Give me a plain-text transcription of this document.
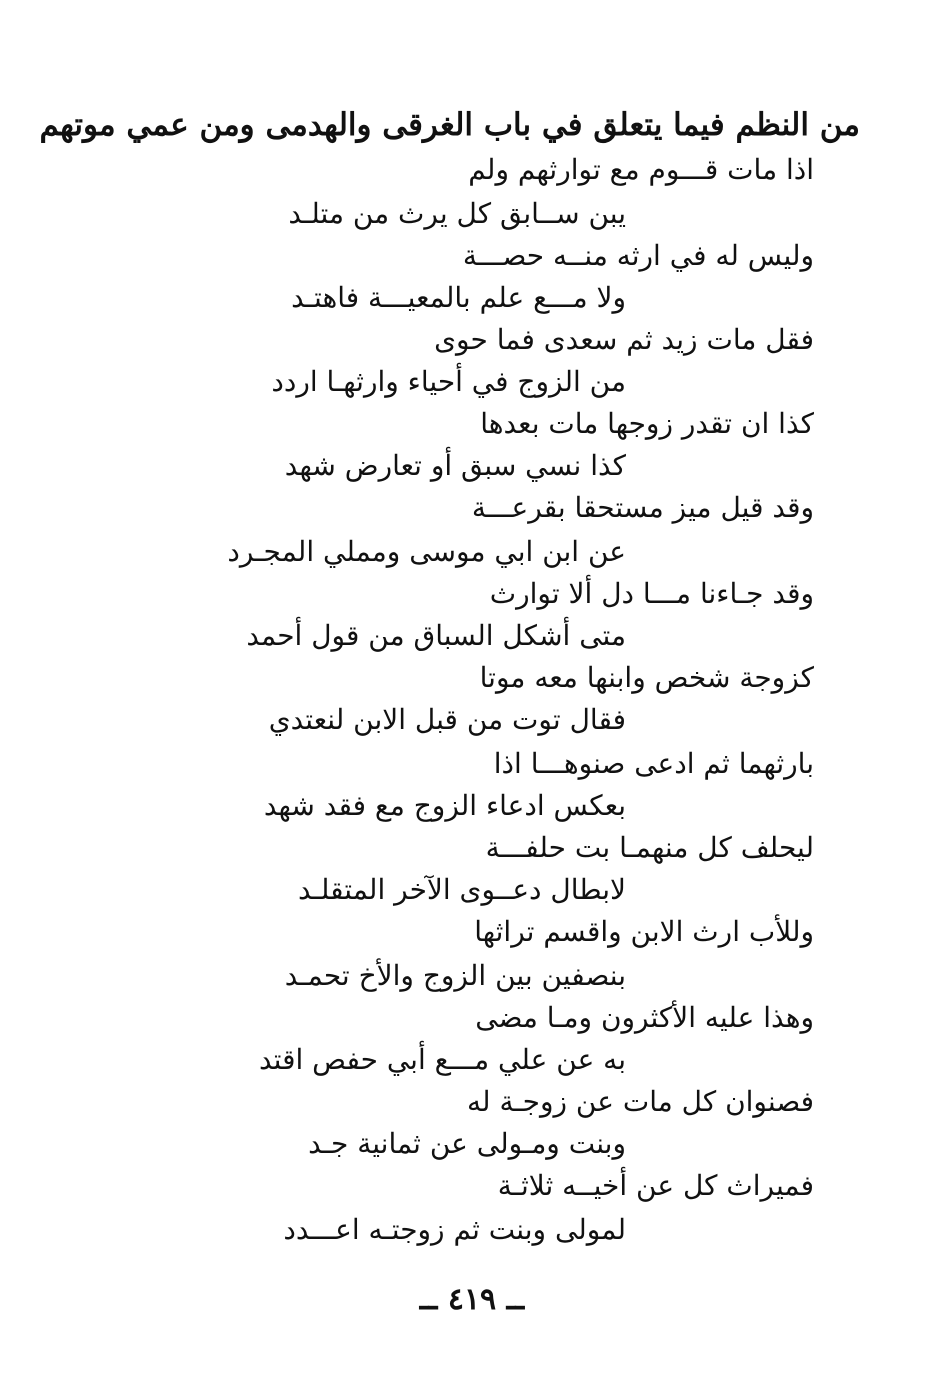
من النظم فيما يتعلق في باب الغرقى والهدمى ومن عمي موتهم
اذا مات قـــوم مع توارثهم ولم
يبن ســابق كل يرث من متلـد
وليس له في ارثه منــه حصـــة
ولا مـــع علم بالمعيـــة فاهتـد
فقل مات زيد ثم سعدى فما حوى
من الزوج في أحياء وارثهـا اردد
كذا ان تقدر زوجها مات بعدها
كذا نسي سبق أو تعارض شهد
وقد قيل ميز مستحقا بقرعـــة
عن ابن ابي موسى ومملي المجـرد
وقد جـاءنا مـــا دل ألا توارث
متى أشكل السباق من قول أحمد
كزوجة شخص وابنها معه موتا
فقال توت من قبل الابن لنعتدي
بارثهما ثم ادعى صنوهـــا اذا
بعكس ادعاء الزوج مع فقد شهد
ليحلف كل منهمـا بت حلفـــة
لابطال دعــوى الآخر المتقلـد
وللأب ارث الابن واقسم تراثها
بنصفين بين الزوج والأخ تحمـد
وهذا عليه الأكثرون ومـا مضى
به عن علي مـــع أبي حفص اقتد
فصنوان كل مات عن زوجـة له
وبنت ومـولى عن ثمانية جـد
فميراث كل عن أخيــه ثلاثـة
لمولى وبنت ثم زوجتـه اعـــدد
ــ ٤١٩ ــ
